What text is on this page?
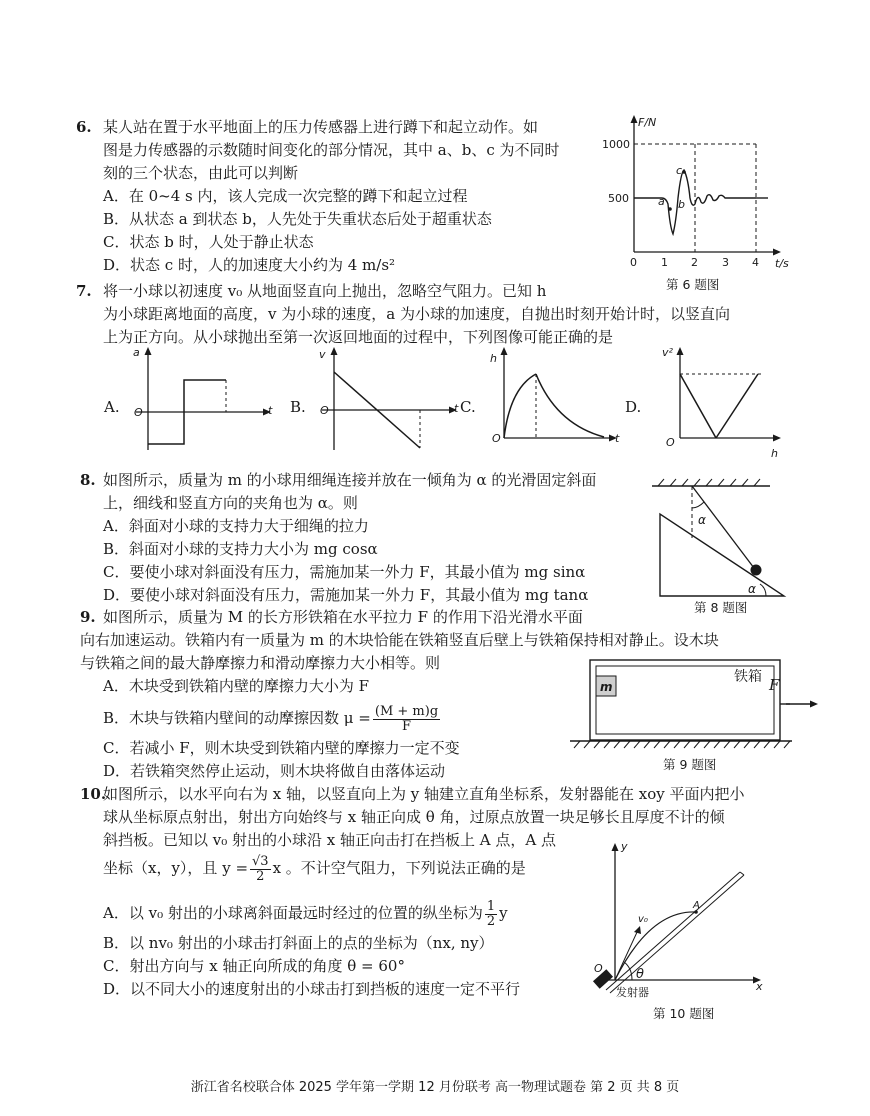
6. 某人站在置于水平地面上的压力传感器上进行蹲下和起立动作。如
图是力传感器的示数随时间变化的部分情况，其中 a、b、c 为不同时
刻的三个状态，由此可以判断
A．在 0~4 s 内，该人完成一次完整的蹲下和起立过程
B．从状态 a 到状态 b，人先处于失重状态后处于超重状态
C．状态 b 时，人处于静止状态
D．状态 c 时，人的加速度大小约为 4 m/s²
F/N
1000
500
t/s
0 1 2 3 4
a b
c
第 6 题图
7. 将一小球以初速度 v₀ 从地面竖直向上抛出，忽略空气阻力。已知 h
为小球距离地面的高度，v 为小球的速度，a 为小球的加速度，自抛出时刻开始计时，以竖直向
上为正方向。从小球抛出至第一次返回地面的过程中，下列图像可能正确的是
A.
a
t
O	B.
v
t
O	C.
h
t
O
D.
v²
h
O
8. 如图所示，质量为 m 的小球用细绳连接并放在一倾角为 α 的光滑固定斜面
上，细线和竖直方向的夹角也为 α。则
A．斜面对小球的支持力大于细绳的拉力
B．斜面对小球的支持力大小为 mg cosα
C．要使小球对斜面没有压力，需施加某一外力 F，其最小值为 mg sinα
D．要使小球对斜面没有压力，需施加某一外力 F，其最小值为 mg tanα
α
α
第 8 题图
9. 如图所示，质量为 M 的长方形铁箱在水平拉力 F 的作用下沿光滑水平面
向右加速运动。铁箱内有一质量为 m 的木块恰能在铁箱竖直后壁上与铁箱保持相对静止。设木块
与铁箱之间的最大静摩擦力和滑动摩擦力大小相等。则
A．木块受到铁箱内壁的摩擦力大小为 F
B．木块与铁箱内壁间的动摩擦因数 $\mu = \frac{(M + m)g}{F}$
C．若减小 F，则木块受到铁箱内壁的摩擦力一定不变
D．若铁箱突然停止运动，则木块将做自由落体运动
m
铁箱 F
第 9 题图
10.
如图所示，以水平向右为 x 轴，以竖直向上为 y 轴建立直角坐标系，发射器能在 xoy 平面内把小
球从坐标原点射出，射出方向始终与 x 轴正向成 θ 角，过原点放置一块足够长且厚度不计的倾
斜挡板。已知以 v₀ 射出的小球沿 x 轴正向击打在挡板上 A 点，A 点
坐标（x，y），且 $y = \frac{√3}{2}$ x 。不计空气阻力，下列说法正确的是
A．以 v₀ 射出的小球离斜面最远时经过的位置的纵坐标为 $\frac{1}{2}$ y
B．以 nv₀ 射出的小球击打斜面上的点的坐标为（nx, ny）
C．射出方向与 x 轴正向所成的角度 θ = 60°
D．以不同大小的速度射出的小球击打到挡板的速度一定不平行
y
x
O
v₀
A
θ
发射器
第 10 题图
浙江省名校联合体 2025 学年第一学期 12 月份联考 高一物理试题卷 第 2 页 共 8 页
